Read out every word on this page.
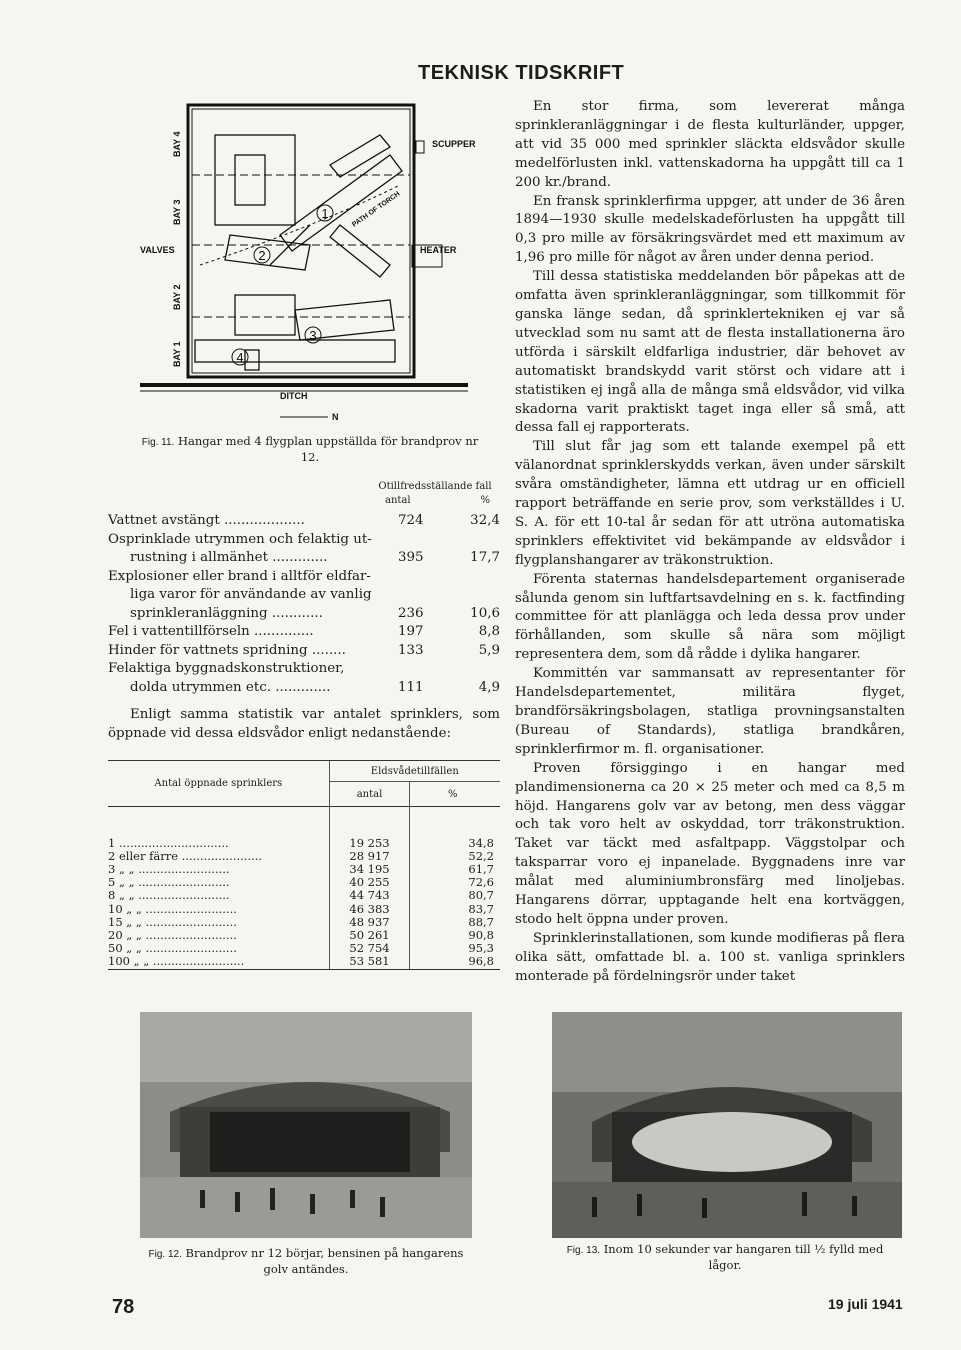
TEKNISK TIDSKRIFT
1
2
3
4
BAY 4
BAY 3
BAY 2
BAY 1
VALVES
SCUPPER
HEATER
DITCH
PATH OF TORCH
N
Fig. 11. Hangar med 4 flygplan uppställda för brandprov nr 12.
Otillfredsställande fall
antal	%
Vattnet avstängt ...................	724	32,4
Osprinklade utrymmen och felaktig ut-
rustning i allmänhet .............	395	17,7
Explosioner eller brand i alltför eldfar-
liga varor för användande av vanlig
sprinkleranläggning ............	236	10,6
Fel i vattentillförseln ..............	197	8,8
Hinder för vattnets spridning ........	133	5,9
Felaktiga byggnadskonstruktioner,
dolda utrymmen etc. .............	111	4,9

Enligt samma statistik var antalet sprinklers, som öppnade vid dessa eldsvådor enligt nedanstående:

Antal öppnade sprinklers	Eldsvådetillfällen	
	antal	%

1 ..............................	19 253	34,8
2 eller färre ......................	28 917	52,2
3 „ „ .........................	34 195	61,7
5 „ „ .........................	40 255	72,6
8 „ „ .........................	44 743	80,7
10 „ „ .........................	46 383	83,7
15 „ „ .........................	48 937	88,7
20 „ „ .........................	50 261	90,8
50 „ „ .........................	52 754	95,3
100 „ „ .........................	53 581	96,8

En stor firma, som levererat många sprinkleranläggningar i de flesta kulturländer, uppger, att vid 35 000 med sprinkler släckta eldsvådor skulle medelförlusten inkl. vattenskadorna ha uppgått till ca 1 200 kr./brand.

En fransk sprinklerfirma uppger, att under de 36 åren 1894—1930 skulle medelskadeförlusten ha uppgått till 0,3 pro mille av försäkringsvärdet med ett maximum av 1,96 pro mille för något av åren under denna period.

Till dessa statistiska meddelanden bör påpekas att de omfatta även sprinkleranläggningar, som tillkommit för ganska länge sedan, då sprinklertekniken ej var så utvecklad som nu samt att de flesta installationerna äro utförda i särskilt eldfarliga industrier, där behovet av automatiskt brandskydd varit störst och vidare att i statistiken ej ingå alla de många små eldsvådor, vid vilka skadorna varit praktiskt taget inga eller så små, att dessa fall ej rapporterats.

Till slut får jag som ett talande exempel på ett välanordnat sprinklerskydds verkan, även under särskilt svåra omständigheter, lämna ett utdrag ur en officiell rapport beträffande en serie prov, som verkställdes i U. S. A. för ett 10-tal år sedan för att utröna automatiska sprinklers effektivitet vid bekämpande av eldsvådor i flygplanshangarer av träkonstruktion.

Förenta staternas handelsdepartement organiserade sålunda genom sin luftfartsavdelning en s. k. factfinding committee för att planlägga och leda dessa prov under förhållanden, som skulle så nära som möjligt representera dem, som då rådde i dylika hangarer.

Kommittén var sammansatt av representanter för Handelsdepartementet, militära flyget, brandförsäkringsbolagen, statliga provningsanstalten (Bureau of Standards), statliga brandkåren, sprinklerfirmor m. fl. organisationer.

Proven försiggingo i en hangar med plandimensionerna ca 20 × 25 meter och med ca 8,5 m höjd. Hangarens golv var av betong, men dess väggar och tak voro helt av oskyddad, torr träkonstruktion. Taket var täckt med asfaltpapp. Väggstolpar och taksparrar voro ej inpanelade. Byggnadens inre var målat med aluminiumbronsfärg med linoljebas. Hangarens dörrar, upptagande helt ena kortväggen, stodo helt öppna under proven.

Sprinklerinstallationen, som kunde modifieras på flera olika sätt, omfattade bl. a. 100 st. vanliga sprinklers monterade på fördelningsrör under taket

Fig. 12. Brandprov nr 12 börjar, bensinen på hangarens golv antändes.
Fig. 13. Inom 10 sekunder var hangaren till ½ fylld med lågor.
78	19 juli 1941
